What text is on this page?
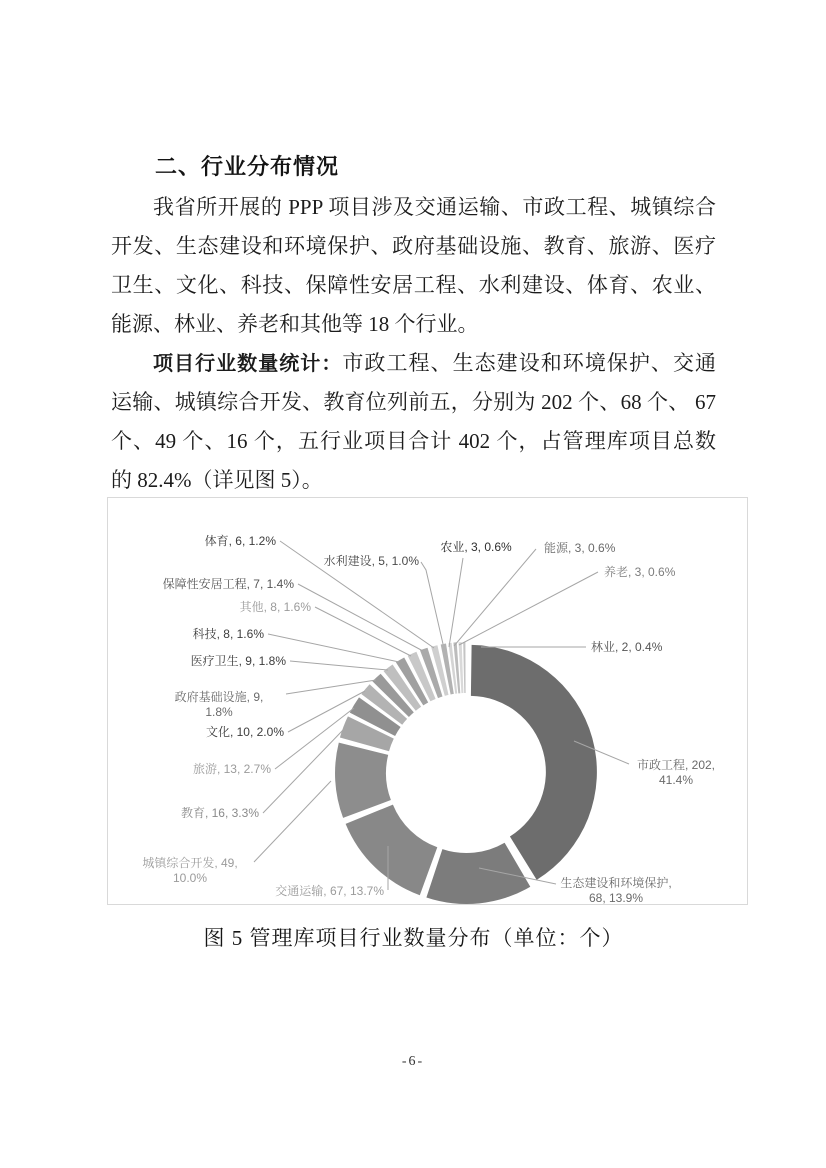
二、行业分布情况

我省所开展的 PPP 项目涉及交通运输、市政工程、城镇综合

开发、生态建设和环境保护、政府基础设施、教育、旅游、医疗

卫生、文化、科技、保障性安居工程、水利建设、体育、农业、

能源、林业、养老和其他等 18 个行业。

项目行业数量统计：市政工程、生态建设和环境保护、交通

运输、城镇综合开发、教育位列前五，分别为 202 个、68 个、 67

个、49 个、16 个，五行业项目合计 402 个，占管理库项目总数

的 82.4%（详见图 5）。

市政工程, 202, 41.4%
生态建设和环境保护, 68, 13.9%
交通运输, 67, 13.7%
城镇综合开发, 49, 10.0%
教育, 16, 3.3%
旅游, 13, 2.7%
文化, 10, 2.0%
政府基础设施, 9, 1.8%
医疗卫生, 9, 1.8%
科技, 8, 1.6%
其他, 8, 1.6%
保障性安居工程, 7, 1.4%
体育, 6, 1.2%
水利建设, 5, 1.0%
农业, 3, 0.6%	能源, 3, 0.6%
养老, 3, 0.6%
林业, 2, 0.4%
图 5 管理库项目行业数量分布（单位：个）
-6-
